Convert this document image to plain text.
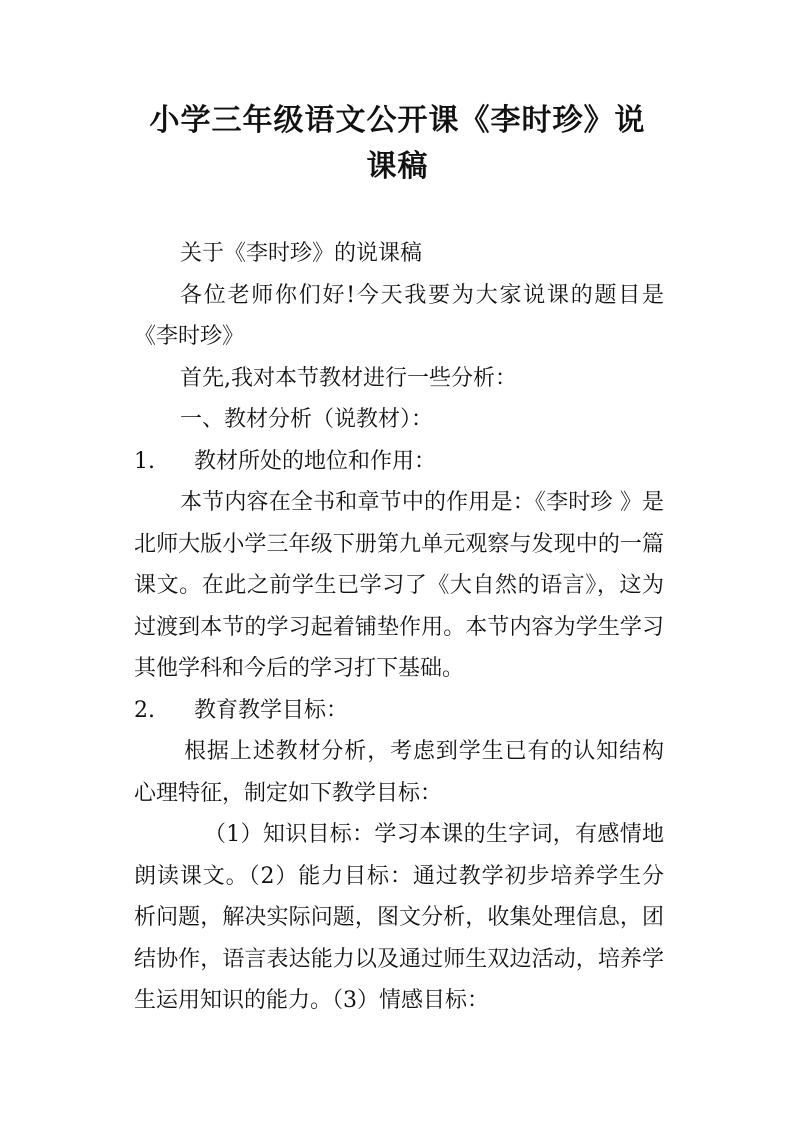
小学三年级语文公开课《李时珍》说
课稿

关于《李时珍》的说课稿

各位老师你们好!今天我要为大家说课的题目是《李时珍》

首先,我对本节教材进行一些分析：

一、教材分析（说教材）：

1. 教材所处的地位和作用：

本节内容在全书和章节中的作用是：《李时珍 》是北师大版小学三年级下册第九单元观察与发现中的一篇课文。在此之前学生已学习了《大自然的语言》，这为过渡到本节的学习起着铺垫作用。本节内容为学生学习其他学科和今后的学习打下基础。

2. 教育教学目标：

根据上述教材分析，考虑到学生已有的认知结构心理特征，制定如下教学目标：

（1）知识目标：学习本课的生字词，有感情地朗读课文。（2）能力目标：通过教学初步培养学生分析问题，解决实际问题，图文分析，收集处理信息，团结协作，语言表达能力以及通过师生双边活动，培养学生运用知识的能力。（3）情感目标：
